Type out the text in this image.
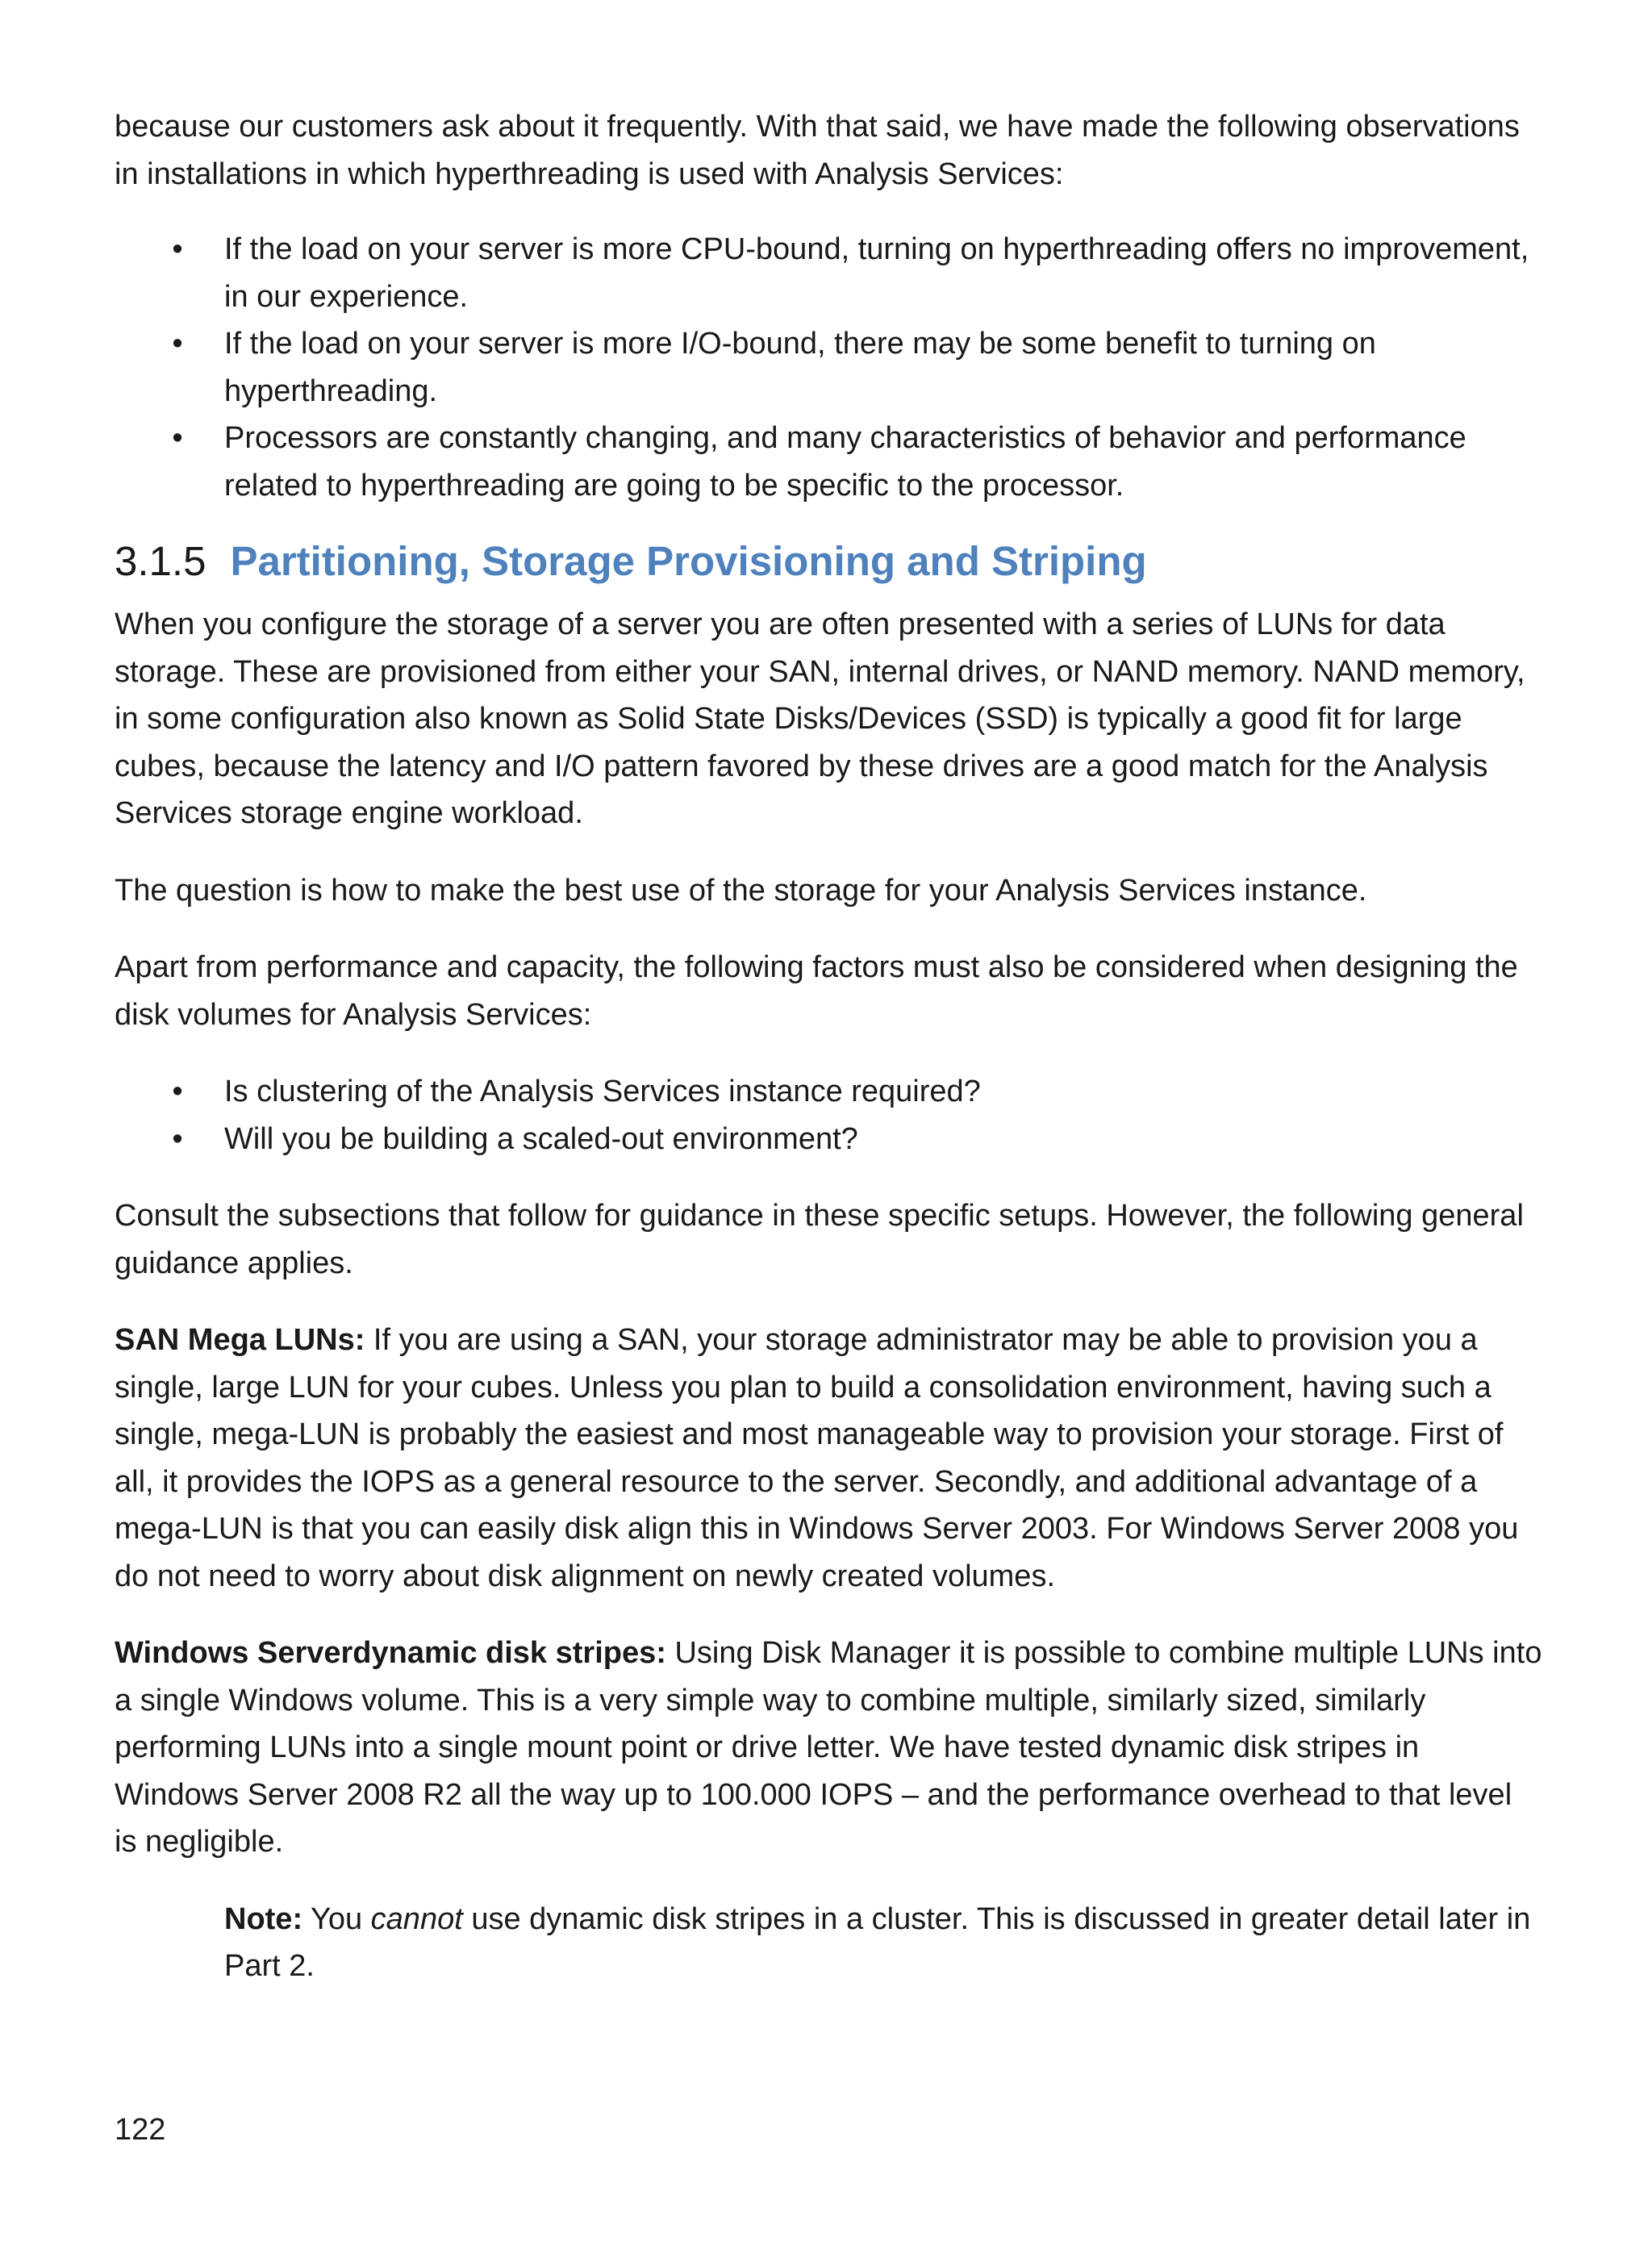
because our customers ask about it frequently. With that said, we have made the following observations in installations in which hyperthreading is used with Analysis Services:

• If the load on your server is more CPU-bound, turning on hyperthreading offers no improvement, in our experience.
• If the load on your server is more I/O-bound, there may be some benefit to turning on hyperthreading.
• Processors are constantly changing, and many characteristics of behavior and performance related to hyperthreading are going to be specific to the processor.
3.1.5 Partitioning, Storage Provisioning and Striping

When you configure the storage of a server you are often presented with a series of LUNs for data storage. These are provisioned from either your SAN, internal drives, or NAND memory. NAND memory, in some configuration also known as Solid State Disks/Devices (SSD) is typically a good fit for large cubes, because the latency and I/O pattern favored by these drives are a good match for the Analysis Services storage engine workload.

The question is how to make the best use of the storage for your Analysis Services instance.

Apart from performance and capacity, the following factors must also be considered when designing the disk volumes for Analysis Services:

• Is clustering of the Analysis Services instance required?
• Will you be building a scaled-out environment?

Consult the subsections that follow for guidance in these specific setups. However, the following general guidance applies.

SAN Mega LUNs: If you are using a SAN, your storage administrator may be able to provision you a single, large LUN for your cubes. Unless you plan to build a consolidation environment, having such a single, mega-LUN is probably the easiest and most manageable way to provision your storage. First of all, it provides the IOPS as a general resource to the server. Secondly, and additional advantage of a mega-LUN is that you can easily disk align this in Windows Server 2003. For Windows Server 2008 you do not need to worry about disk alignment on newly created volumes.

Windows Serverdynamic disk stripes: Using Disk Manager it is possible to combine multiple LUNs into a single Windows volume. This is a very simple way to combine multiple, similarly sized, similarly performing LUNs into a single mount point or drive letter. We have tested dynamic disk stripes in Windows Server 2008 R2 all the way up to 100.000 IOPS – and the performance overhead to that level is negligible.

Note: You cannot use dynamic disk stripes in a cluster. This is discussed in greater detail later in Part 2.

122
